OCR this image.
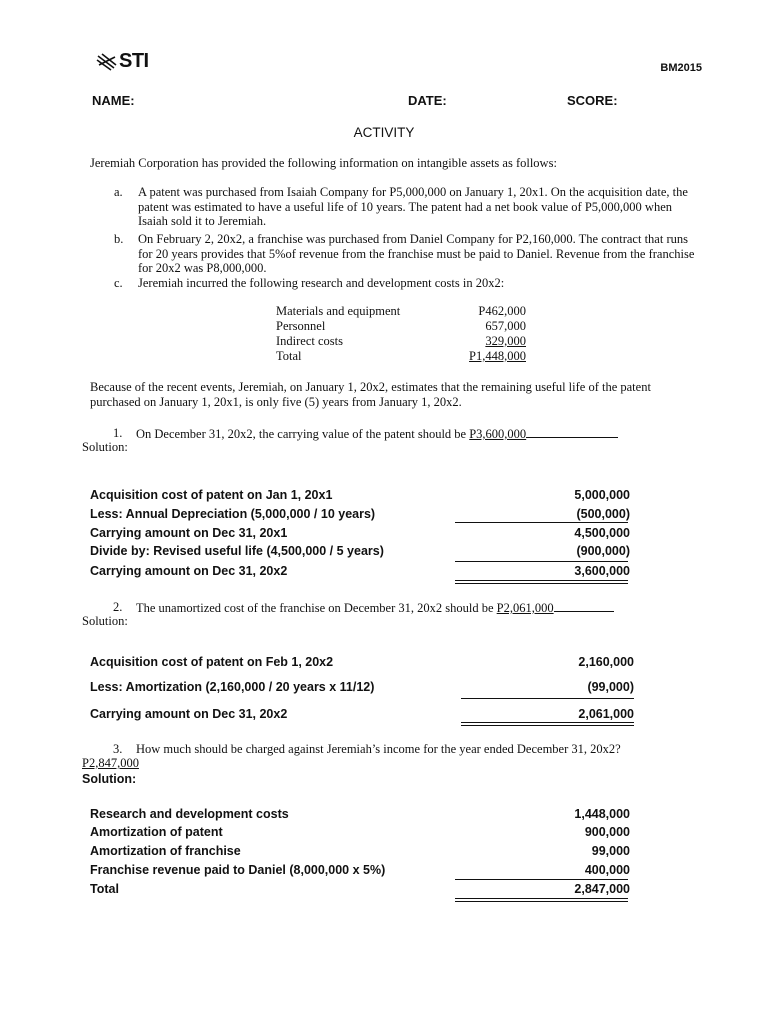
STI	BM2015
NAME:	DATE:	SCORE:
ACTIVITY
Jeremiah Corporation has provided the following information on intangible assets as follows:
a. A patent was purchased from Isaiah Company for P5,000,000 on January 1, 20x1. On the acquisition date, the patent was estimated to have a useful life of 10 years. The patent had a net book value of P5,000,000 when Isaiah sold it to Jeremiah.
b. On February 2, 20x2, a franchise was purchased from Daniel Company for P2,160,000. The contract that runs for 20 years provides that 5%of revenue from the franchise must be paid to Daniel. Revenue from the franchise for 20x2 was P8,000,000.
c. Jeremiah incurred the following research and development costs in 20x2:
Materials and equipment	P462,000
Personnel	657,000
Indirect costs	329,000
Total	P1,448,000
Because of the recent events, Jeremiah, on January 1, 20x2, estimates that the remaining useful life of the patent purchased on January 1, 20x1, is only five (5) years from January 1, 20x2.
1. On December 31, 20x2, the carrying value of the patent should be P3,600,000
Solution:
Acquisition cost of patent on Jan 1, 20x1	5,000,000
Less: Annual Depreciation (5,000,000 / 10 years)	(500,000)
Carrying amount on Dec 31, 20x1	4,500,000
Divide by: Revised useful life (4,500,000 / 5 years)	(900,000)
Carrying amount on Dec 31, 20x2	3,600,000
2. The unamortized cost of the franchise on December 31, 20x2 should be P2,061,000
Solution:
Acquisition cost of patent on Feb 1, 20x2	2,160,000
Less: Amortization (2,160,000 / 20 years x 11/12)	(99,000)
Carrying amount on Dec 31, 20x2	2,061,000
3. How much should be charged against Jeremiah’s income for the year ended December 31, 20x2?
P2,847,000
Solution:
Research and development costs	1,448,000
Amortization of patent	900,000
Amortization of franchise	99,000
Franchise revenue paid to Daniel (8,000,000 x 5%)	400,000
Total	2,847,000
